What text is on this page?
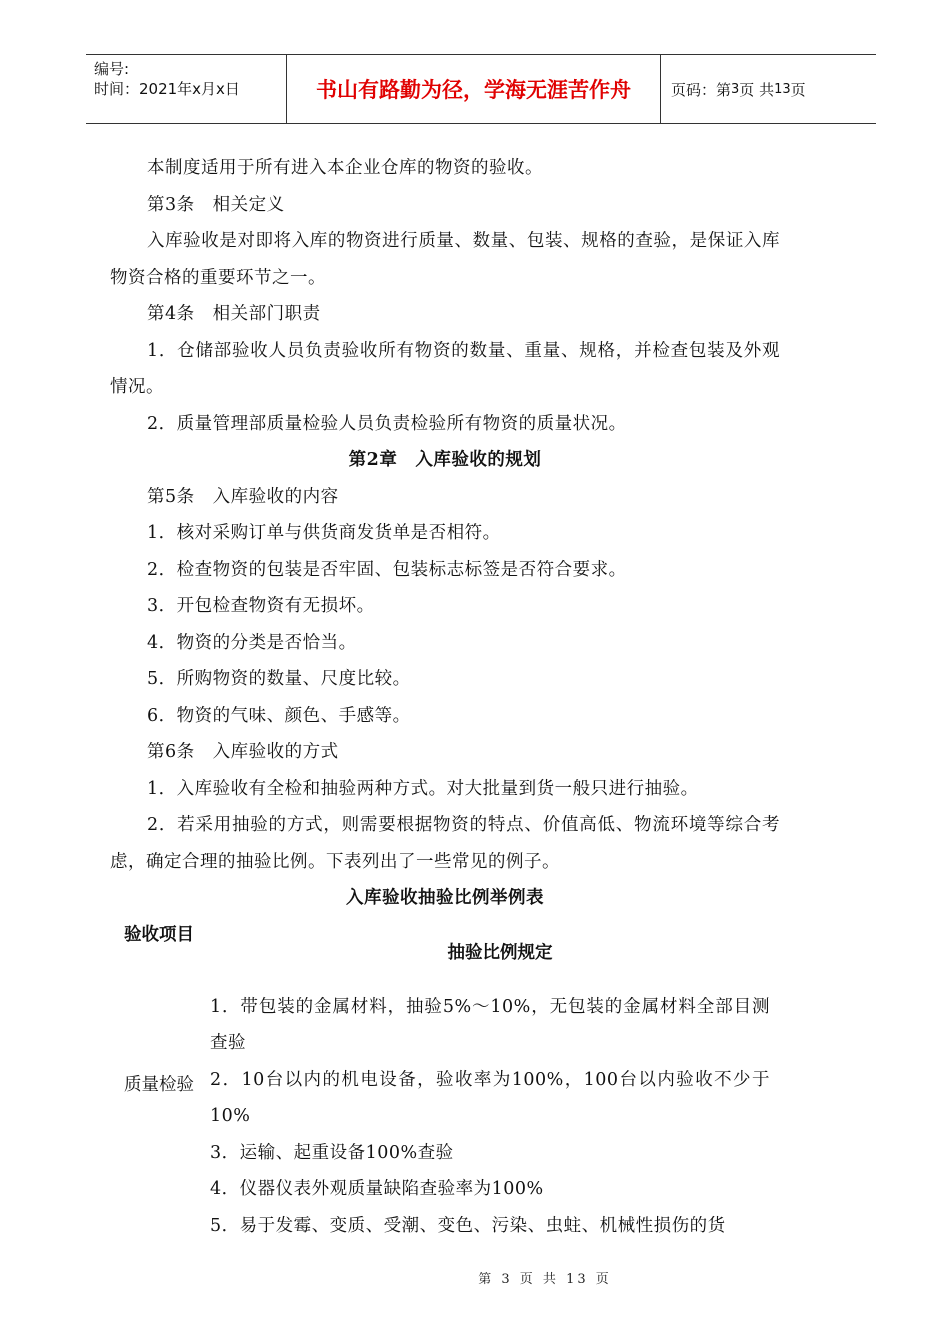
编号:
时间：2021年x月x日	书山有路勤为径，学海无涯苦作舟	页码：第 3 页 共 13 页

本制度适用于所有进入本企业仓库的物资的验收。

第3条　相关定义

入库验收是对即将入库的物资进行质量、数量、包装、规格的查验，是保证入库物资合格的重要环节之一。

第4条　相关部门职责

1．仓储部验收人员负责验收所有物资的数量、重量、规格，并检查包装及外观情况。

2．质量管理部质量检验人员负责检验所有物资的质量状况。

第2章　入库验收的规划

第5条　入库验收的内容

1．核对采购订单与供货商发货单是否相符。

2．检查物资的包装是否牢固、包装标志标签是否符合要求。

3．开包检查物资有无损坏。

4．物资的分类是否恰当。

5．所购物资的数量、尺度比较。

6．物资的气味、颜色、手感等。

第6条　入库验收的方式

1．入库验收有全检和抽验两种方式。对大批量到货一般只进行抽验。

2．若采用抽验的方式，则需要根据物资的特点、价值高低、物流环境等综合考虑，确定合理的抽验比例。下表列出了一些常见的例子。

入库验收抽验比例举例表

验收项目
抽验比例规定
质量检验

1．带包装的金属材料，抽验5%～10%，无包装的金属材料全部目测查验

2．10台以内的机电设备，验收率为100%，100台以内验收不少于10%

3．运输、起重设备100%查验

4．仪器仪表外观质量缺陷查验率为100%

5．易于发霉、变质、受潮、变色、污染、虫蛀、机械性损伤的货

第 3 页 共 13 页
